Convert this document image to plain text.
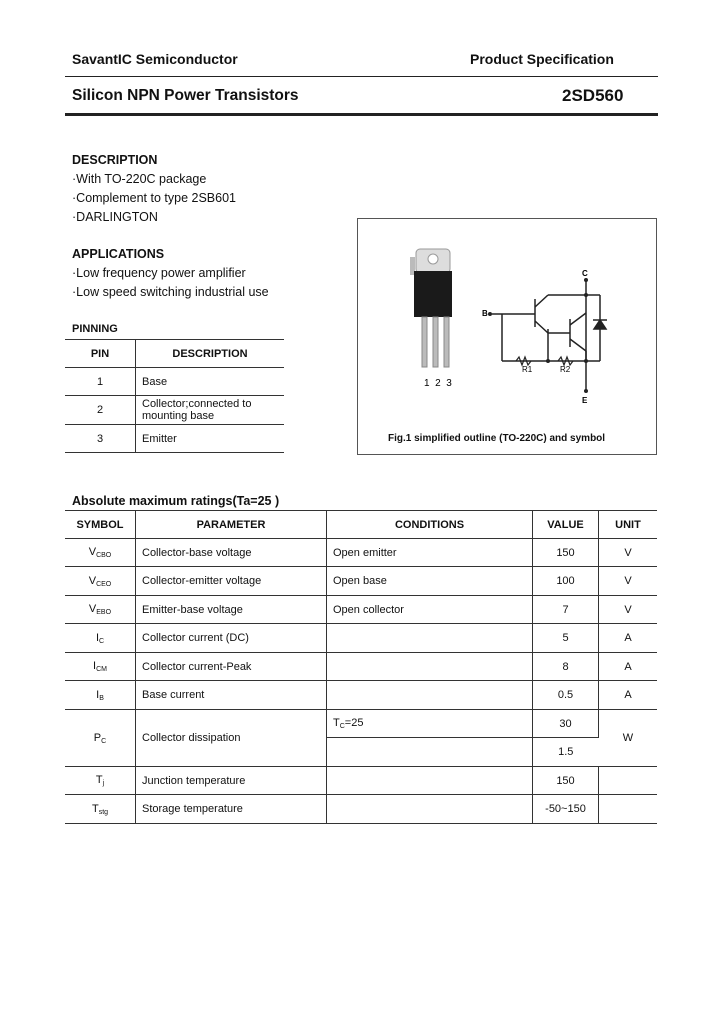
SavantIC Semiconductor	Product Specification
Silicon NPN Power Transistors	2SD560
DESCRIPTION
·With TO-220C package
·Complement to type 2SB601
·DARLINGTON
APPLICATIONS
·Low frequency power amplifier
·Low speed switching industrial use
PINNING
PIN	DESCRIPTION
1	Base
2	Collector;connected to mounting base
3	Emitter
1  2  3
C
B
E
R1	R2
Fig.1 simplified outline (TO-220C) and symbol
Absolute maximum ratings(Ta=25 )
SYMBOL	PARAMETER	CONDITIONS	VALUE	UNIT
$V_{CBO}$	Collector-base voltage	Open emitter	150	V
$V_{CEO}$	Collector-emitter voltage	Open base	100	V
$V_{EBO}$	Emitter-base voltage	Open collector	7	V
$I_C$	Collector current (DC)		5	A
$I_{CM}$	Collector current-Peak		8	A
$I_B$	Base current		0.5	A
$P_C$	Collector dissipation	$T_C=25$	30	W
			1.5	
$T_j$	Junction temperature		150	
$T_{stg}$	Storage temperature		-50~150	
